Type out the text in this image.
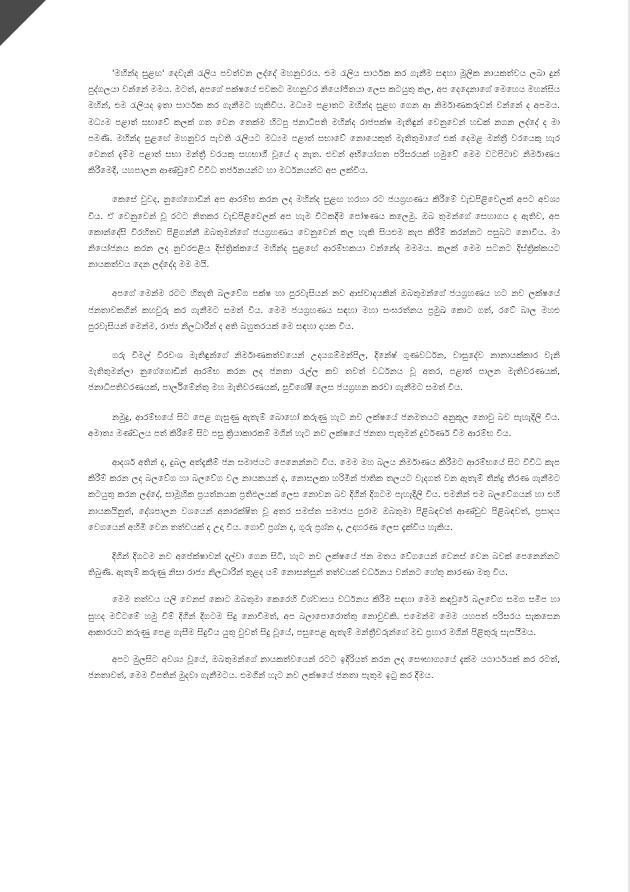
'මහින්ද සුළඟ' දෙවැනි රැලිය පවත්වන ලද්දේ මහනුවරය. එම රැලිය සාර්ථක කර ගැනීම සඳහා මූලික නායකත්වය ලබා දුන් පුද්ගලයා වන්නේ මමය. මටත්, අපගේ පක්ෂයේ එවකට මහනුවර නියෝජිතයා ලෙස කටයුතු කල, අප දෙදෙනාගේ මෙහෙය මහන්සිය මහින්, එම රැලියද ඉතා සාර්ථක කර ගැනීමට හැකිවිය. මධ්‍යම පළාතට මහින්ද සුළඟ ගෙන ආ නිර්මාණකරුවන් වන්නේ ද අපමය. මධ්‍යම පළාත් සභාවේ කලක් ගත වෙන තෙක්ම හිටපු ජනාධිපති මහින්ද රාජපක්ෂ මැතිඳුන් වෙනුවෙන් හඩක් නගන ලද්දේ ද මා පමණි. මහින්ද සුළඟේ මහනුවර පැවති රැලියට මධ්‍යම පළාත් සභාවේ නොයෙකුත් මැතිතුමාගේ එක් දෙමළ මන්ත්‍රී වරයෙකු හැර වෙනත් දැම්ම පළාත් සභා මන්ත්‍රී වරයකු සහභාගී වූයේ ද නැත. එවන් අභියෝගත පරිසරයක් හමුවේ මෙම වටපිටාව නිර්මාණය කිරීමෙදී, යහපාලන ආණ්ඩුවේ විවිධ තර්ජනයන්ට හා මර්ධනයන්ට අප ලක්විය.

කෙසේ වුවද, නුගේගොඩින් අප ආරම්භ කරන ලද මහින්ද සුළඟ හරහා රට ජයග්‍රහණය කිරීමේ වැඩපිළිවෙලක් අපට අවශ්‍ය විය. ඒ වෙනුවෙන් වූ රටට නිතකර වැඩපිළිවෙලක් අප හැම විටකදීම පෝෂණය කලෙමු. ඔබ තුමන්ගේ සෙහාගය ද ඇතිව, අප කොන්දේසි විරහිතව පිළිගන්නී ඔබතුමන්ගේ ජයග්‍රහණය වෙනුවෙන් කල හැකි සියළුම කැප කිරීම් කරන්නට පසුබට නොවීය. මා නියෝජනය කරන ලද නුවරඑළිය දිස්ත්‍රික්කයේ මහින්ද සුළඟේ ආරම්භකයා වන්නේද මමමය. කලක් මෙම සටනට දිස්ත්‍රික්කයට නායකත්වය දෙන ලද්දේද මම මයි.

අපගේ මෙන්ම රටට හිතැති බලවේග පක්ෂ හා පුරවැසියන් නව ආස්වාදයකින් ඔබතුමන්ගේ ජයග්‍රහණය හට නව ලක්ෂයේ ජනතාවකගින් කහවුරු කර ගැනීමට සමත් විය. මෙම ජයග්‍රහණය සඳහා මහා සංඝරත්නය ප්‍රමුඛ කොට ගත්, රටේ බාල මහළු පුරවැසියන් මෙන්ම, රාජ්‍ය නිලධාරීන් ද අති බහුතරයක් මෙ සඳහා දායක විය.

ගරු විමල් වීරවංශ මැතිඳුන්ගේ නිර්මාණකත්වයෙන් උදයගම්මන්පිල, දිනේෂ් ගුණවර්ධන, වාසුදේව නානායක්කාර වැනි මැතිතුමන්ලා නුගේගොඩින් ආරම්භ කරන ලද ජනතා රැල්ල කව තවත් වර්ධනය වූ අතර, පළාත් පාලන මැතිවරණයක්, ජනාධිපතිවරණයක්, පාර්ලිමේන්තු මහ මැතිවරණයක්, සුවිශේෂී ලෙස ජයග්‍රහන කරවා ගැනීමට සමත් විය.

නමුදු, ආරම්භයේ සිට පෙළ ගැසුණු ඇතැම් බොහෝ කරුණු හැට නව ලක්ෂයේ ජනමතයට අනුකූල නොවු බව පැහැදිලි විය. අමාත්‍ය මණ්ඩලය පත් කිරීමේ සිට පසු ක්‍රියාකාරකම් මගින් හැට නව ලක්ෂයේ ජනතා පැතුමන් දුර්වර්ණ වීම ආරම්භ විය.

ආදර්ශ අතින් ද, දුබල අත්දැකීම් ජන සමාජයට පෙනෙන්නට විය. මෙම මහ බලය නිර්මාණය කිරීමට ආරම්භයේ සිට විවිධ කැප කිරීම් කරන ලද බලවේග හා බලවේග වල නායකයන් ද, නොසලකා හරිමින් ජාතික තලයට වැදගත් වන ඇතැම් තීන්දු තීරණ ගැනීමට කටයුතු කරන ලද්දේ, සාමූහික ප්‍රයත්නයක ප්‍රතිඵලයක් ලෙස නොවන බව දිගින් දිගටම පැහැදිලි විය. එමනින් එම බලවේගයන් හා එහි නායකයිනුත්, දේශපාලන වශයෙන් අනාරක්ෂිත වූ අතර සමස්ත සමාජය පුරාම ඔබතුමා පිළිබඳවත් ආණ්ඩුව පිළිබඳවත්, ප්‍රසාදය වෙගයෙන් අහිමි වෙන තත්වයක් ද උදා විය. ගොවි ප්‍රශ්න ද, ගුරු ප්‍රශ්න ද, උදාහරණ ලෙස දැක්විය හැකිය.

දිගින් දිගටම නව අපේක්ෂාවන් දල්වා ගෙන සිටි, හැට නව ලක්ෂයේ ජන මතය වේගයෙන් වෙනස් වෙන බවක් පෙනෙන්නට තිබුණි. ඇතැම් කරුණු නිසා රාජ්‍ය නිලධාරීන් තුළද යම් නොසන්සුන් තත්වයක් වර්ධනය වන්නට හේතු කාරණා මතු විය.

මෙම තත්වය යලි වෙනස් කොට ඔබතුමා කෙරෙහි විශ්වාසය වර්ධනය කිරීම සඳහා මෙම කඳවුරේ බලවේග සමග සමීප හා සුහද මට්ටමේ හමු වීම් දිගින් දිගටම සිදු නොවීමත්, අප බලාපොරොත්තු නොවුවකි. එමෙන්ම මෙම යහපත් පරිසරය සැකසෙන ආකාරයට කරුණු පෙළ ගැසීම සිදුවිය යුතු වුවත් සිදු වූයේ, පසුපෙළ ඇතැම් මන්ත්‍රීවරුන්ගේ මඩ ප්‍රහාර මගින් පිළිතුරු සැපයීමය.

අපට මුලසිට අවශ්‍ය වූයේ, ඔබතුමන්ගේ නායකත්වයෙන් රටට ඉදිරියත් කරන ලද සෞභාග්‍යයේ දැක්ම යථාර්ථයක් කර රටත්, ජනතාවත්, මෙම විපතින් මුදවා ගැනීමටය. එමගින් හැට නව ලක්ෂයේ ජනතා පැතුම ඉටු කර දීමය.
